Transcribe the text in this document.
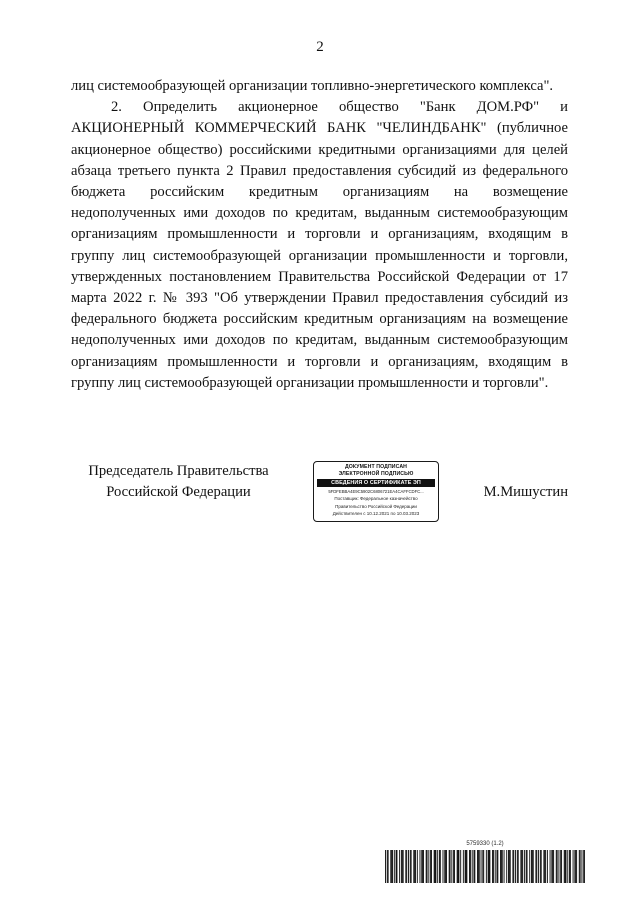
2

лиц системообразующей организации топливно-энергетического комплекса".

2. Определить акционерное общество "Банк ДОМ.РФ" и АКЦИОНЕРНЫЙ КОММЕРЧЕСКИЙ БАНК "ЧЕЛИНДБАНК" (публичное акционерное общество) российскими кредитными организациями для целей абзаца третьего пункта 2 Правил предоставления субсидий из федерального бюджета российским кредитным организациям на возмещение недополученных ими доходов по кредитам, выданным системообразующим организациям промышленности и торговли и организациям, входящим в группу лиц системообразующей организации промышленности и торговли, утвержденных постановлением Правительства Российской Федерации от 17 марта 2022 г. № 393 "Об утверждении Правил предоставления субсидий из федерального бюджета российским кредитным организациям на возмещение недополученных ими доходов по кредитам, выданным системообразующим организациям промышленности и торговли и организациям, входящим в группу лиц системообразующей организации промышленности и торговли".

Председатель Правительства
Российской Федерации
ДОКУМЕНТ ПОДПИСАН
ЭЛЕКТРОННОЙ ПОДПИСЬЮ
СВЕДЕНИЯ О СЕРТИФИКАТЕ ЭП
5FDFEBBA4E9C5902C6806721EA4CAFFCDFC...
Поставщик: Федеральное казначейство
Правительство Российской Федерации
Действителен с 10.12.2021 по 10.03.2023
М.Мишустин
5759330 (1.2)
